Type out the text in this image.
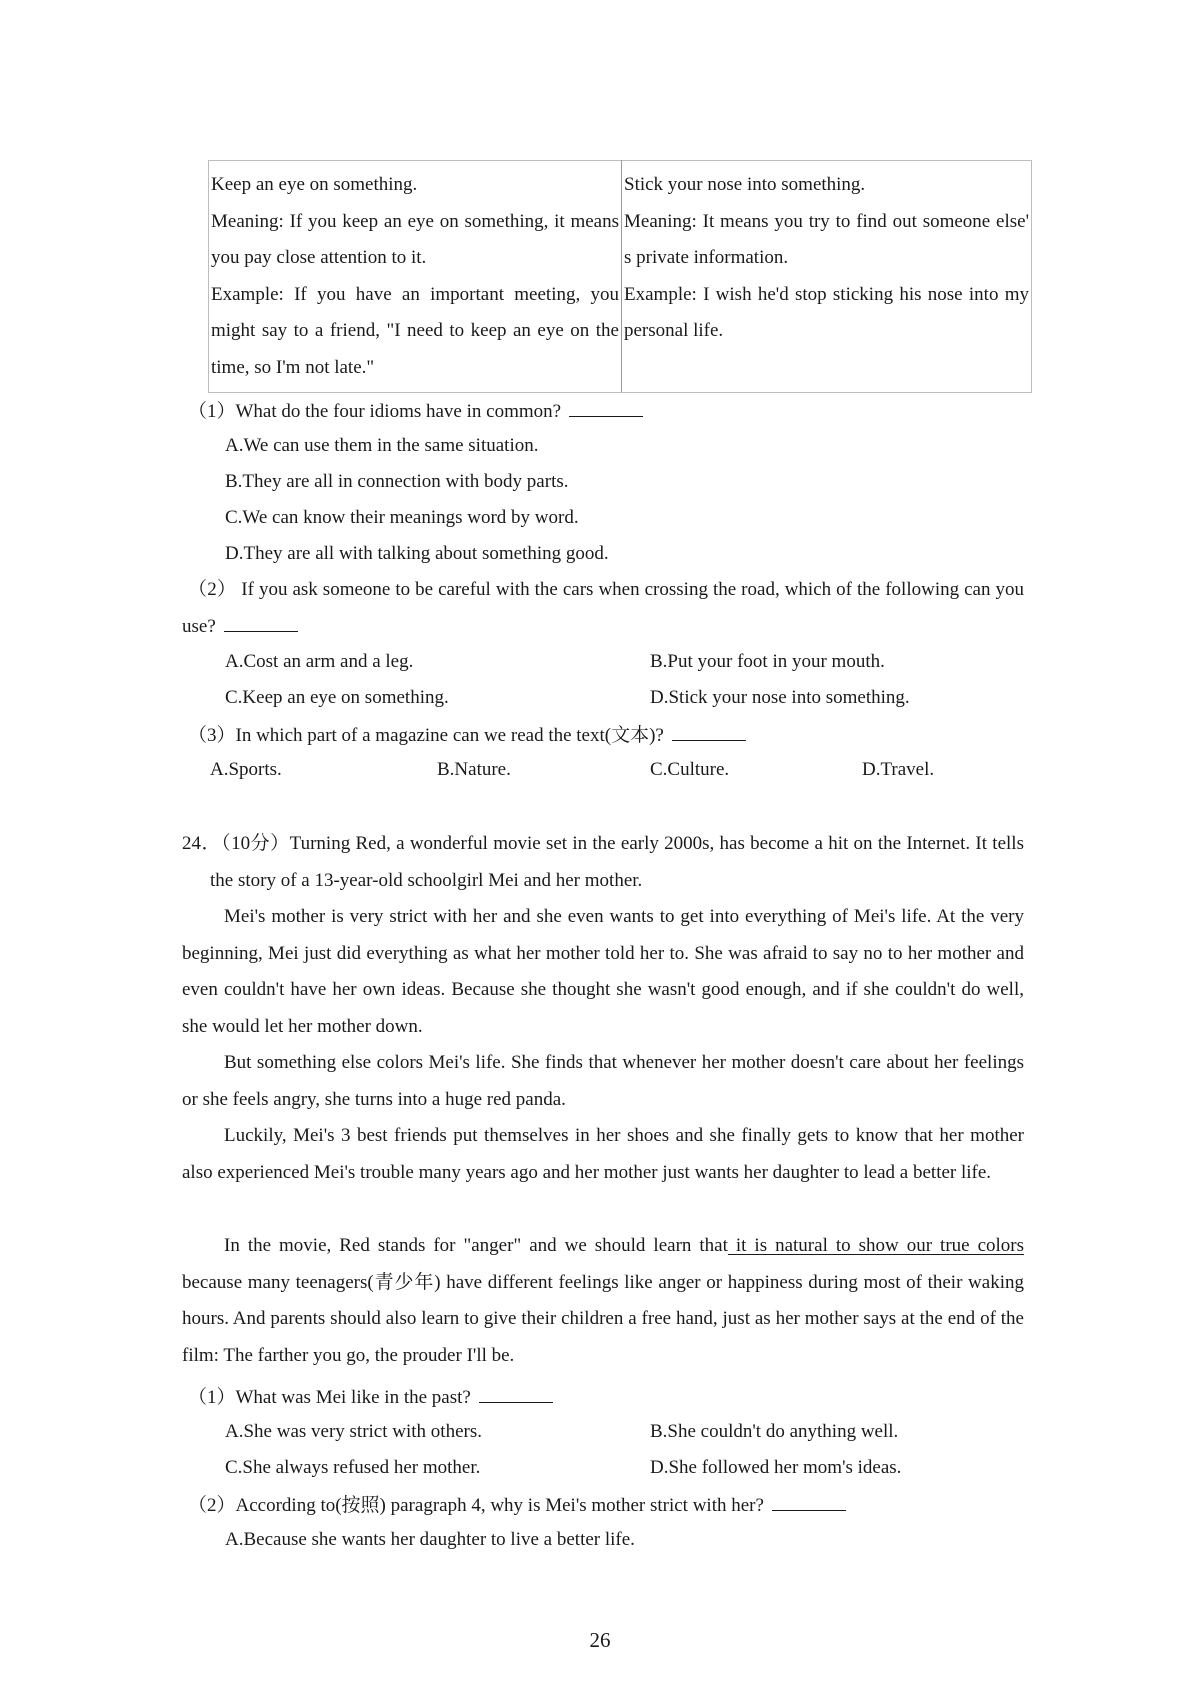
Keep an eye on something.
Meaning: If you keep an eye on something, it means you pay close attention to it.
Example: If you have an important meeting, you might say to a friend, "I need to keep an eye on the time, so I'm not late."

Stick your nose into something.
Meaning: It means you try to find out someone else' s private information.
Example: I wish he'd stop sticking his nose into my personal life.
（1）What do the four idioms have in common?
A.We can use them in the same situation.
B.They are all in connection with body parts.
C.We can know their meanings word by word.
D.They are all with talking about something good.
（2） If you ask someone to be careful with the cars when crossing the road, which of the following can you use?
A.Cost an arm and a leg.	B.Put your foot in your mouth.
C.Keep an eye on something.	D.Stick your nose into something.
（3）In which part of a magazine can we read the text(文本)?
A.Sports.	B.Nature.	C.Culture.	D.Travel.
24．（10分）Turning Red, a wonderful movie set in the early 2000s, has become a hit on the Internet. It tells the story of a 13-year-old schoolgirl Mei and her mother.
Mei's mother is very strict with her and she even wants to get into everything of Mei's life. At the very beginning, Mei just did everything as what her mother told her to. She was afraid to say no to her mother and even couldn't have her own ideas. Because she thought she wasn't good enough, and if she couldn't do well, she would let her mother down.
But something else colors Mei's life. She finds that whenever her mother doesn't care about her feelings or she feels angry, she turns into a huge red panda.
Luckily, Mei's 3 best friends put themselves in her shoes and she finally gets to know that her mother also experienced Mei's trouble many years ago and her mother just wants her daughter to lead a better life.
In the movie, Red stands for "anger" and we should learn that it is natural to show our true colors because many teenagers(青少年) have different feelings like anger or happiness during most of their waking hours. And parents should also learn to give their children a free hand, just as her mother says at the end of the film: The farther you go, the prouder I'll be.
（1）What was Mei like in the past?
A.She was very strict with others.	B.She couldn't do anything well.
C.She always refused her mother.	D.She followed her mom's ideas.
（2）According to(按照) paragraph 4, why is Mei's mother strict with her?
A.Because she wants her daughter to live a better life.
26
